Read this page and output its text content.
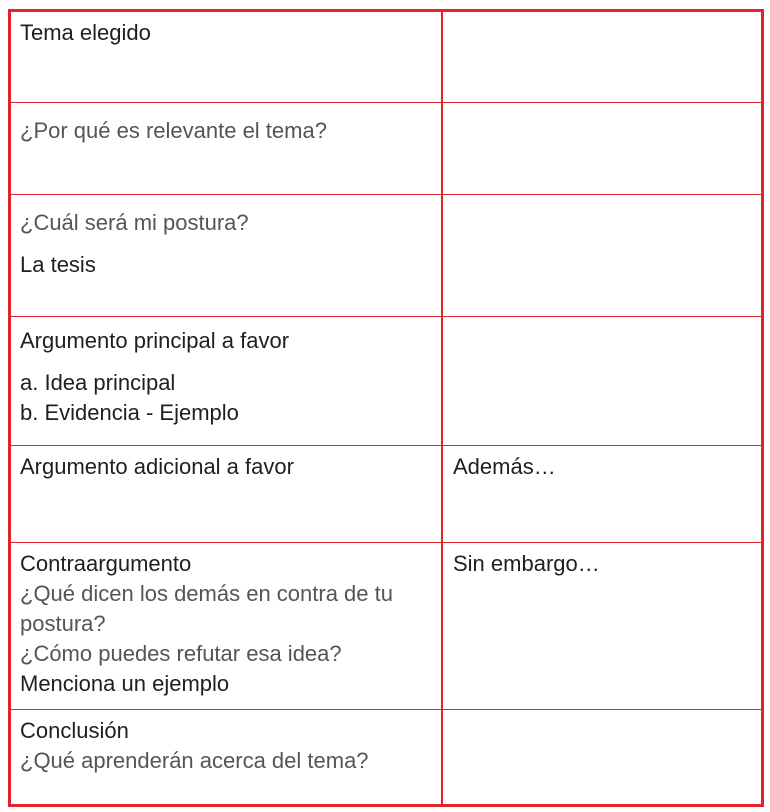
Tema elegido
¿Por qué es relevante el tema?
¿Cuál será mi postura?
La tesis
Argumento principal a favor
a. Idea principal
b. Evidencia - Ejemplo
Argumento adicional a favor	Además…
Contraargumento
¿Qué dicen los demás en contra de tu
postura?
¿Cómo puedes refutar esa idea?
Menciona un ejemplo
Sin embargo…
Conclusión
¿Qué aprenderán acerca del tema?
